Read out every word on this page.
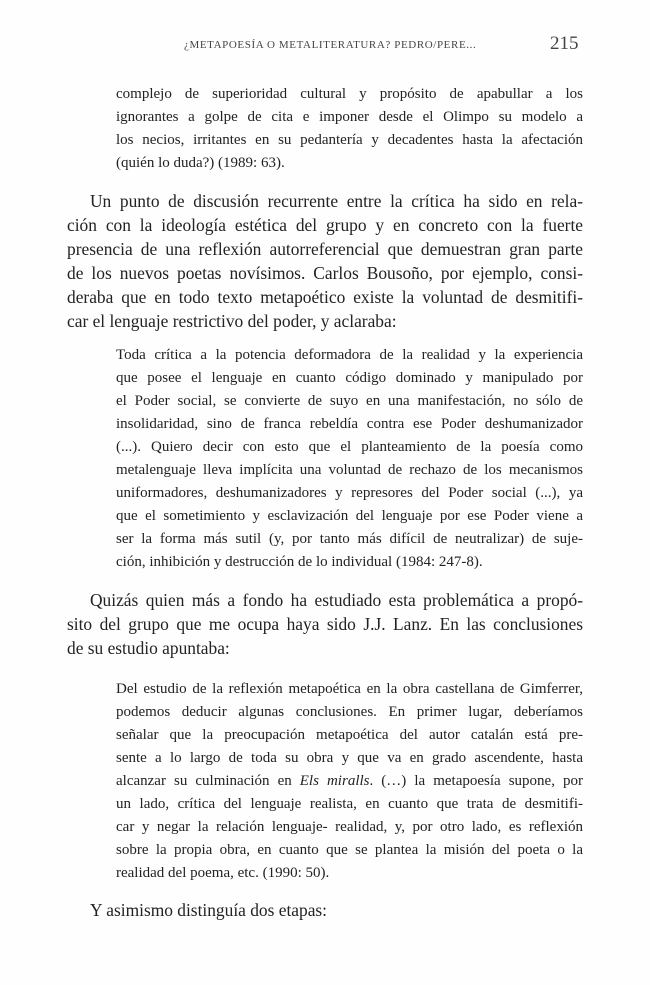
¿METAPOESÍA O METALITERATURA? PEDRO/PERE...	215
complejo de superioridad cultural y propósito de apabullar a los
ignorantes a golpe de cita e imponer desde el Olimpo su modelo a
los necios, irritantes en su pedantería y decadentes hasta la afectación
(quién lo duda?) (1989: 63).
Un punto de discusión recurrente entre la crítica ha sido en rela-
ción con la ideología estética del grupo y en concreto con la fuerte
presencia de una reflexión autorreferencial que demuestran gran parte
de los nuevos poetas novísimos. Carlos Bousoño, por ejemplo, consi-
deraba que en todo texto metapoético existe la voluntad de desmitifi-
car el lenguaje restrictivo del poder, y aclaraba:
Toda crítica a la potencia deformadora de la realidad y la experiencia
que posee el lenguaje en cuanto código dominado y manipulado por
el Poder social, se convierte de suyo en una manifestación, no sólo de
insolidaridad, sino de franca rebeldía contra ese Poder deshumanizador
(...). Quiero decir con esto que el planteamiento de la poesía como
metalenguaje lleva implícita una voluntad de rechazo de los mecanismos
uniformadores, deshumanizadores y represores del Poder social (...), ya
que el sometimiento y esclavización del lenguaje por ese Poder viene a
ser la forma más sutil (y, por tanto más difícil de neutralizar) de suje-
ción, inhibición y destrucción de lo individual (1984: 247-8).
Quizás quien más a fondo ha estudiado esta problemática a propó-
sito del grupo que me ocupa haya sido J.J. Lanz. En las conclusiones
de su estudio apuntaba:
Del estudio de la reflexión metapoética en la obra castellana de Gimferrer,
podemos deducir algunas conclusiones. En primer lugar, deberíamos
señalar que la preocupación metapoética del autor catalán está pre-
sente a lo largo de toda su obra y que va en grado ascendente, hasta
alcanzar su culminación en Els miralls. (…) la metapoesía supone, por
un lado, crítica del lenguaje realista, en cuanto que trata de desmitifi-
car y negar la relación lenguaje- realidad, y, por otro lado, es reflexión
sobre la propia obra, en cuanto que se plantea la misión del poeta o la
realidad del poema, etc. (1990: 50).
Y asimismo distinguía dos etapas:
